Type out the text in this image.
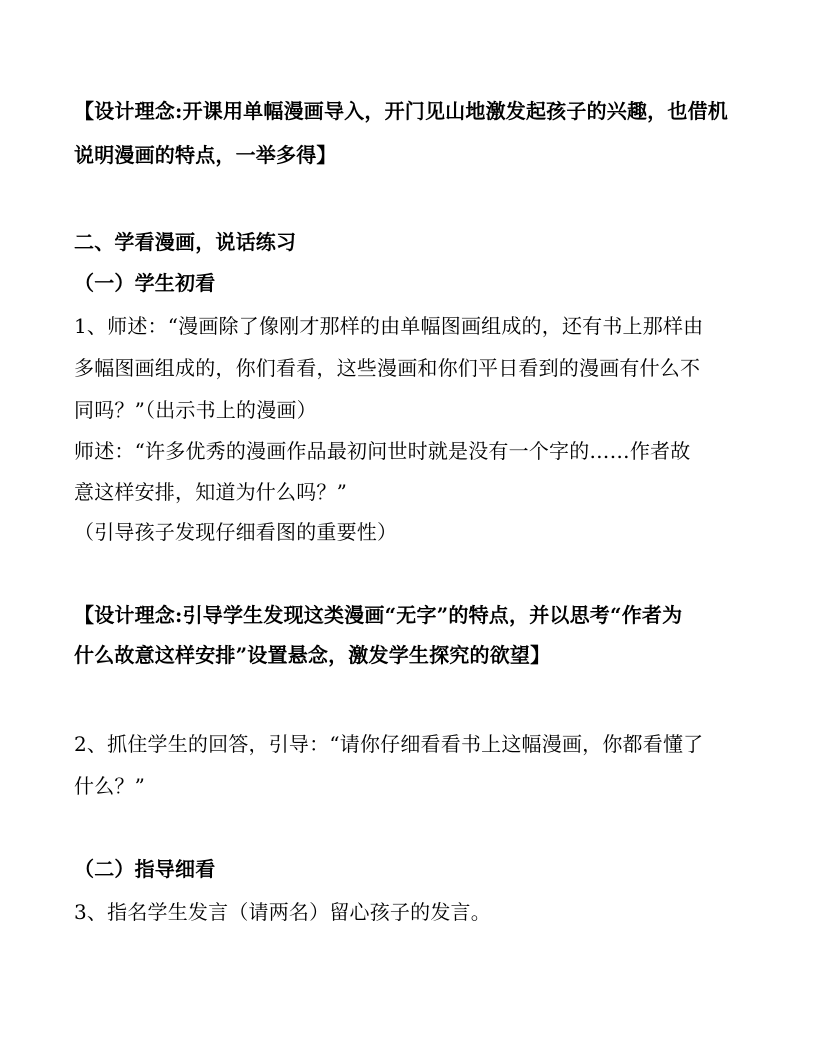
【设计理念:开课用单幅漫画导入，开门见山地激发起孩子的兴趣，也借机
说明漫画的特点，一举多得】
二、学看漫画，说话练习
（一）学生初看
1、师述：“漫画除了像刚才那样的由单幅图画组成的，还有书上那样由
多幅图画组成的，你们看看，这些漫画和你们平日看到的漫画有什么不
同吗？”（出示书上的漫画）
师述：“许多优秀的漫画作品最初问世时就是没有一个字的……作者故
意这样安排，知道为什么吗？”
（引导孩子发现仔细看图的重要性）
【设计理念:引导学生发现这类漫画“无字”的特点，并以思考“作者为
什么故意这样安排”设置悬念，激发学生探究的欲望】
2、抓住学生的回答，引导：“请你仔细看看书上这幅漫画，你都看懂了
什么？”
（二）指导细看
3、指名学生发言（请两名）留心孩子的发言。
